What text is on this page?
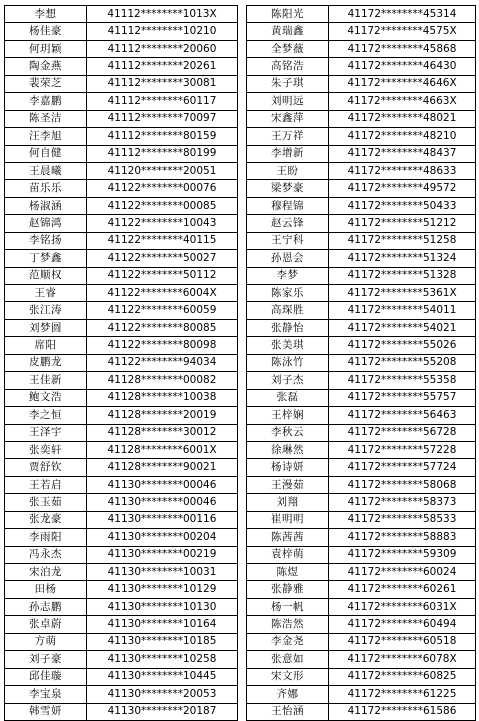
李想	41112********1013X
杨佳豪	41112********10210
何玥颖	41112********20060
陶金燕	41112********20261
裴荣芝	41112********30081
李嘉鹏	41112********60117
陈圣洁	41112********70097
汪李旭	41112********80159
何自健	41112********80199
王晨曦	41120********20051
苗乐乐	41122********00076
杨淑涵	41122********00085
赵锦鸿	41122********10043
李铭扬	41122********40115
丁梦鑫	41122********50027
范顺权	41122********50112
王睿	41122********6004X
张江涛	41122********60059
刘梦圆	41122********80085
席阳	41122********80098
皮鹏龙	41122********94034
王佳新	41128********00082
鲍文浩	41128********10038
李之恒	41128********20019
王泽宇	41128********30012
张奕轩	41128********6001X
贾舒钦	41128********90021
王若启	41130********00046
张玉茹	41130********00046
张龙豪	41130********00116
李雨阳	41130********00204
冯永杰	41130********00219
宋泊龙	41130********10031
田杨	41130********10129
孙志鹏	41130********10130
张卓蔚	41130********10164
方萌	41130********10185
刘子豪	41130********10258
邱佳璇	41130********10445
李宝泉	41130********20053
韩雪妍	41130********20187
陈阳光	41172********45314
黄瑞鑫	41172********4575X
全梦薇	41172********45868
高铭浩	41172********46430
朱子琪	41172********4646X
刘明远	41172********4663X
宋鑫萍	41172********48021
王万祥	41172********48210
李增新	41172********48437
王盼	41172********48633
梁梦豪	41172********49572
穆程锦	41172********50433
赵云锋	41172********51212
王宁科	41172********51258
孙恩会	41172********51324
李梦	41172********51328
陈家乐	41172********5361X
高琛胜	41172********54011
张静怡	41172********54021
张美琪	41172********55026
陈泳竹	41172********55208
刘子杰	41172********55358
张磊	41172********55757
王梓娴	41172********56463
李秋云	41172********56728
徐琳然	41172********57228
杨诗妍	41172********57724
王漫茹	41172********58068
刘翔	41172********58373
崔明明	41172********58533
陈茜茜	41172********58883
袁梓萌	41172********59309
陈煜	41172********60024
张静雅	41172********60261
杨一帆	41172********6031X
陈浩然	41172********60494
李金尧	41172********60518
张意如	41172********6078X
宋文形	41172********60825
齐娜	41172********61225
王怡涵	41172********61586
